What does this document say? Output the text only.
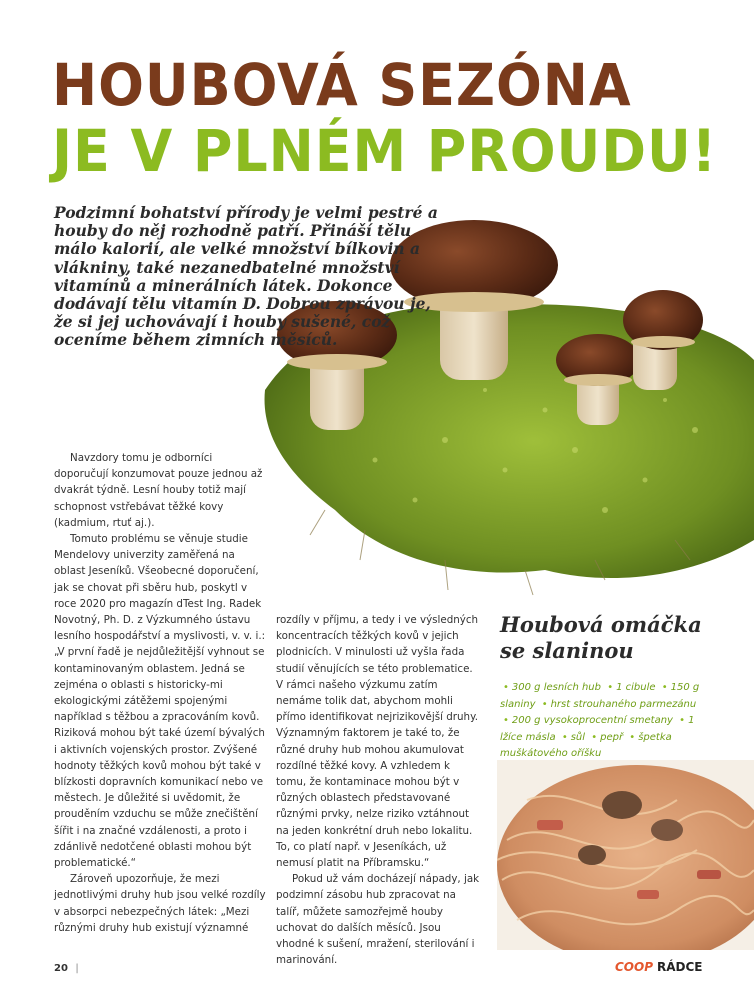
HOUBOVÁ SEZÓNA
JE V PLNÉM PROUDU!

Podzimní bohatství přírody je velmi pestré a houby do něj rozhodně patří. Přináší tělu málo kalorií, ale velké množství bílkovin a vlákniny, také nezanedbatelné množství vitamínů a minerálních látek. Dokonce dodávají tělu vitamín D. Dobrou zprávou je, že si jej uchovávají i houby sušené, což oceníme během zimních měsíců.

Navzdory tomu je odborníci doporučují konzumovat pouze jednou až dvakrát týdně. Lesní houby totiž mají schopnost vstřebávat těžké kovy (kadmium, rtuť aj.).

Tomuto problému se věnuje studie Mendelovy univerzity zaměřená na oblast Jeseníků. Všeobecné doporučení, jak se chovat při sběru hub, poskytl v roce 2020 pro magazín dTest Ing. Radek Novotný, Ph. D. z Výzkumného ústavu lesního hospodářství a myslivosti, v. v. i.: „V první řadě je nejdůležitější vyhnout se kontaminovaným oblastem. Jedná se zejména o oblasti s historicky-mi ekologickými zátěžemi spojenými například s těžbou a zpracováním kovů. Riziková mohou být také území bývalých i aktivních vojenských prostor. Zvýšené hodnoty těžkých kovů mohou být také v blízkosti dopravních komunikací nebo ve městech. Je důležité si uvědomit, že prouděním vzduchu se může znečištění šířit i na značné vzdálenosti, a proto i zdánlivě nedotčené oblasti mohou být problematické.“

Zároveň upozorňuje, že mezi jednotlivými druhy hub jsou velké rozdíly v absorpci nebezpečných látek: „Mezi různými druhy hub existují významné

rozdíly v příjmu, a tedy i ve výsledných koncentracích těžkých kovů v jejich plodnicích. V minulosti už vyšla řada studií věnujících se této problematice. V rámci našeho výzkumu zatím nemáme tolik dat, abychom mohli přímo identifikovat nejrizikovější druhy. Významným faktorem je také to, že různé druhy hub mohou akumulovat rozdílné těžké kovy. A vzhledem k tomu, že kontaminace mohou být v různých oblastech představované různými prvky, nelze riziko vztáhnout na jeden konkrétní druh nebo lokalitu. To, co platí např. v Jeseníkách, už nemusí platit na Příbramsku.“

Pokud už vám docházejí nápady, jak podzimní zásobu hub zpracovat na talíř, můžete samozřejmě houby uchovat do dalších měsíců. Jsou vhodné k sušení, mražení, sterilování i marinování.

Houbová omáčka se slaninou

• 300 g lesních hub • 1 cibule • 150 g slaniny • hrst strouhaného parmezánu • 200 g vysokoprocentní smetany • 1 lžíce másla • sůl • pepř • špetka muškátového oříšku

20 |	COOP RÁDCE
